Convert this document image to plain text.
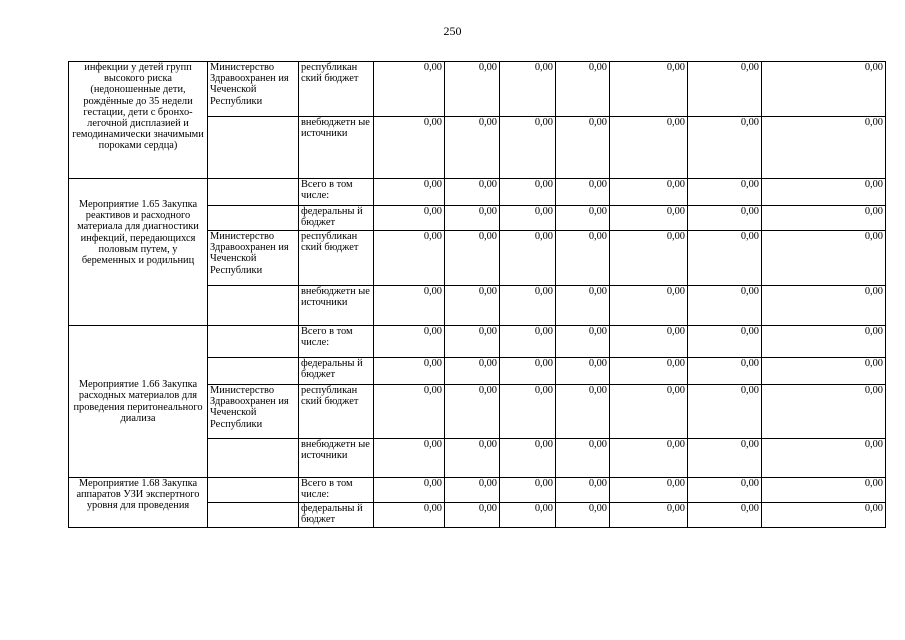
250
инфекции у детей групп высокого риска (недоношенные дети, рождённые до 35 недели гестации, дети с бронхо-легочной дисплазией и гемодинамически значимыми пороками сердца)	Министерство Здравоохранен ия Чеченской Республики	республикан ский бюджет	0,00	0,00	0,00	0,00	0,00	0,00	0,00
		внебюджетн ые источники	0,00	0,00	0,00	0,00	0,00	0,00	0,00
Мероприятие 1.65 Закупка реактивов и расходного материала для диагностики инфекций, передающихся половым путем, у беременных и родильниц		Всего в том числе:	0,00	0,00	0,00	0,00	0,00	0,00	0,00
		федеральны й бюджет	0,00	0,00	0,00	0,00	0,00	0,00	0,00
	Министерство Здравоохранен ия Чеченской Республики	республикан ский бюджет	0,00	0,00	0,00	0,00	0,00	0,00	0,00
		внебюджетн ые источники	0,00	0,00	0,00	0,00	0,00	0,00	0,00
Мероприятие 1.66 Закупка расходных материалов для проведения перитонеального диализа		Всего в том числе:	0,00	0,00	0,00	0,00	0,00	0,00	0,00
		федеральны й бюджет	0,00	0,00	0,00	0,00	0,00	0,00	0,00
	Министерство Здравоохранен ия Чеченской Республики	республикан ский бюджет	0,00	0,00	0,00	0,00	0,00	0,00	0,00
		внебюджетн ые источники	0,00	0,00	0,00	0,00	0,00	0,00	0,00
Мероприятие 1.68 Закупка аппаратов УЗИ экспертного уровня для проведения		Всего в том числе:	0,00	0,00	0,00	0,00	0,00	0,00	0,00
		федеральны й бюджет	0,00	0,00	0,00	0,00	0,00	0,00	0,00
